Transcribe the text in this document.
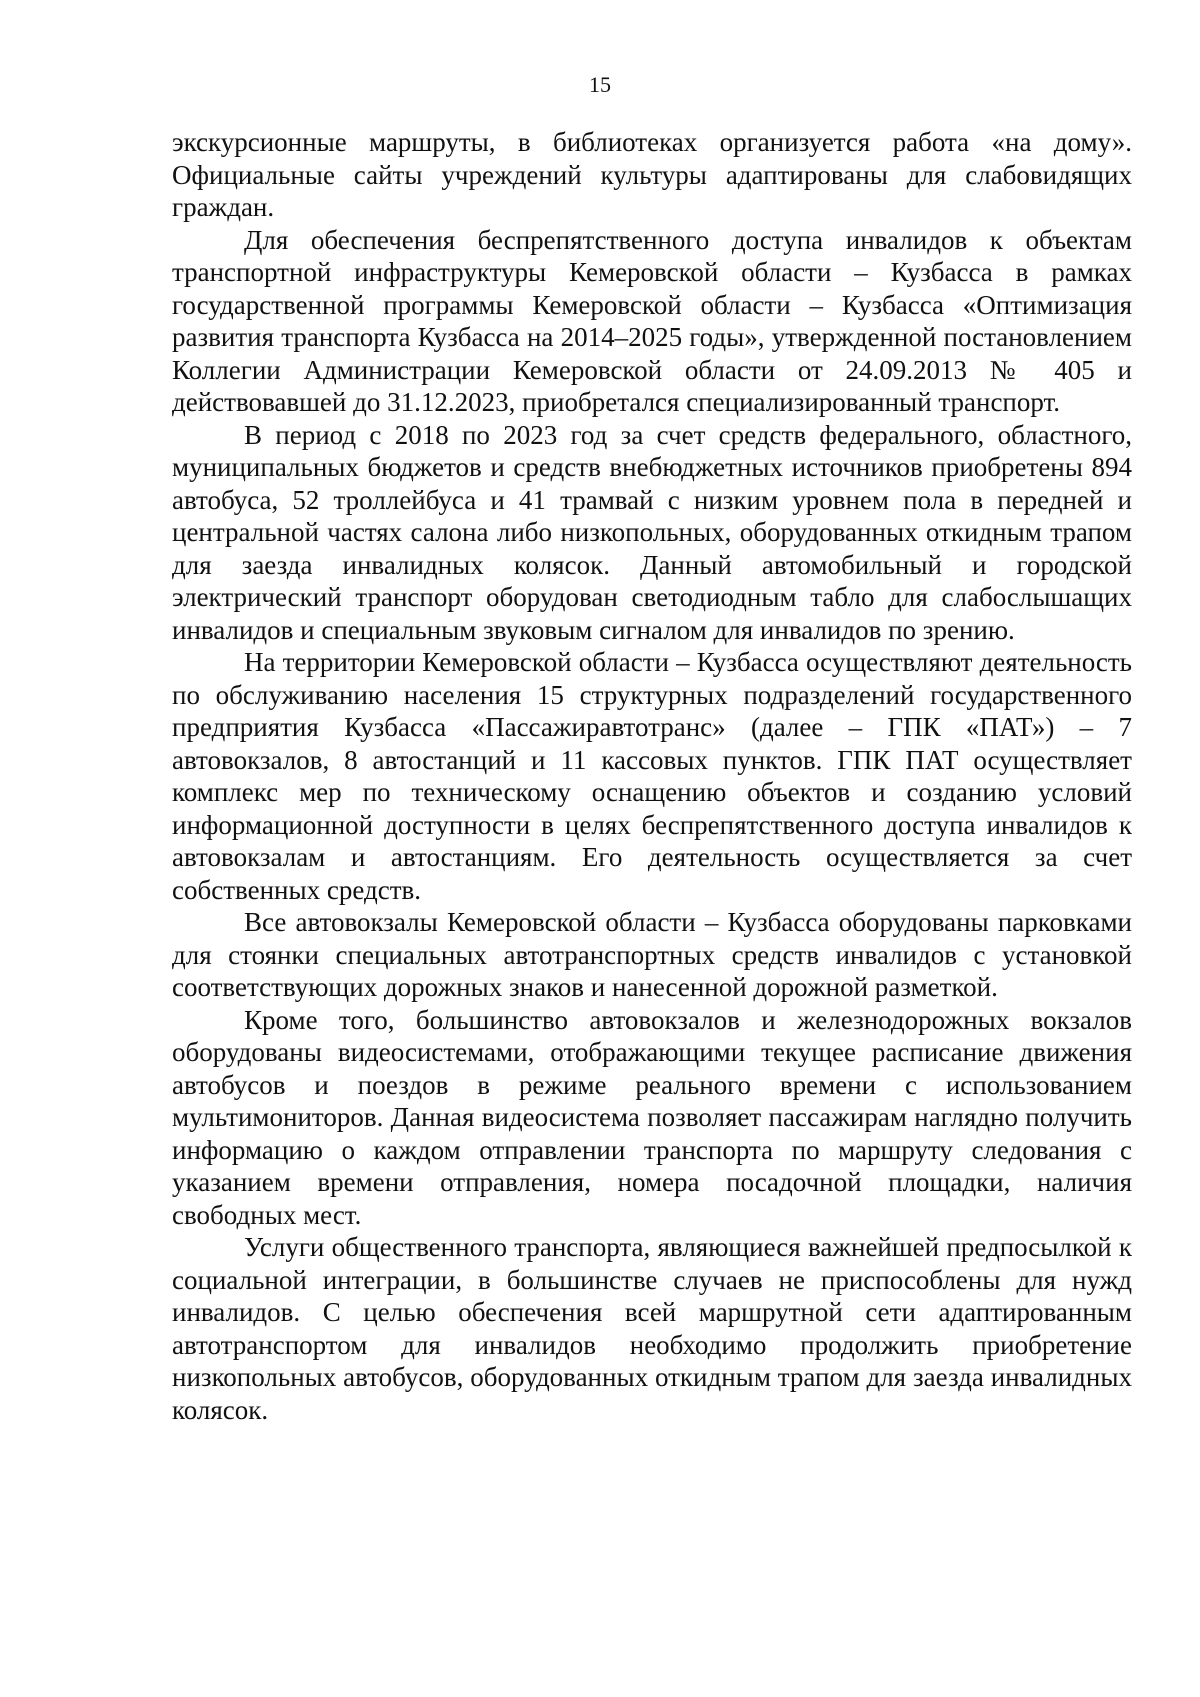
15

экскурсионные маршруты, в библиотеках организуется работа «на дому». Официальные сайты учреждений культуры адаптированы для слабовидящих граждан.

Для обеспечения беспрепятственного доступа инвалидов к объектам транспортной инфраструктуры Кемеровской области – Кузбасса в рамках государственной программы Кемеровской области – Кузбасса «Оптимизация развития транспорта Кузбасса на 2014–2025 годы», утвержденной постановлением Коллегии Администрации Кемеровской области от 24.09.2013 № 405 и действовавшей до 31.12.2023, приобретался специализированный транспорт.

В период с 2018 по 2023 год за счет средств федерального, областного, муниципальных бюджетов и средств внебюджетных источников приобретены 894 автобуса, 52 троллейбуса и 41 трамвай с низким уровнем пола в передней и центральной частях салона либо низкопольных, оборудованных откидным трапом для заезда инвалидных колясок. Данный автомобильный и городской электрический транспорт оборудован светодиодным табло для слабослышащих инвалидов и специальным звуковым сигналом для инвалидов по зрению.

На территории Кемеровской области – Кузбасса осуществляют деятельность по обслуживанию населения 15 структурных подразделений государственного предприятия Кузбасса «Пассажиравтотранс» (далее – ГПК «ПАТ») – 7 автовокзалов, 8 автостанций и 11 кассовых пунктов. ГПК ПАТ осуществляет комплекс мер по техническому оснащению объектов и созданию условий информационной доступности в целях беспрепятственного доступа инвалидов к автовокзалам и автостанциям. Его деятельность осуществляется за счет собственных средств.

Все автовокзалы Кемеровской области – Кузбасса оборудованы парковками для стоянки специальных автотранспортных средств инвалидов с установкой соответствующих дорожных знаков и нанесенной дорожной разметкой.

Кроме того, большинство автовокзалов и железнодорожных вокзалов оборудованы видеосистемами, отображающими текущее расписание движения автобусов и поездов в режиме реального времени с использованием мультимониторов. Данная видеосистема позволяет пассажирам наглядно получить информацию о каждом отправлении транспорта по маршруту следования с указанием времени отправления, номера посадочной площадки, наличия свободных мест.

Услуги общественного транспорта, являющиеся важнейшей предпосылкой к социальной интеграции, в большинстве случаев не приспособлены для нужд инвалидов. С целью обеспечения всей маршрутной сети адаптированным автотранспортом для инвалидов необходимо продолжить приобретение низкопольных автобусов, оборудованных откидным трапом для заезда инвалидных колясок.
